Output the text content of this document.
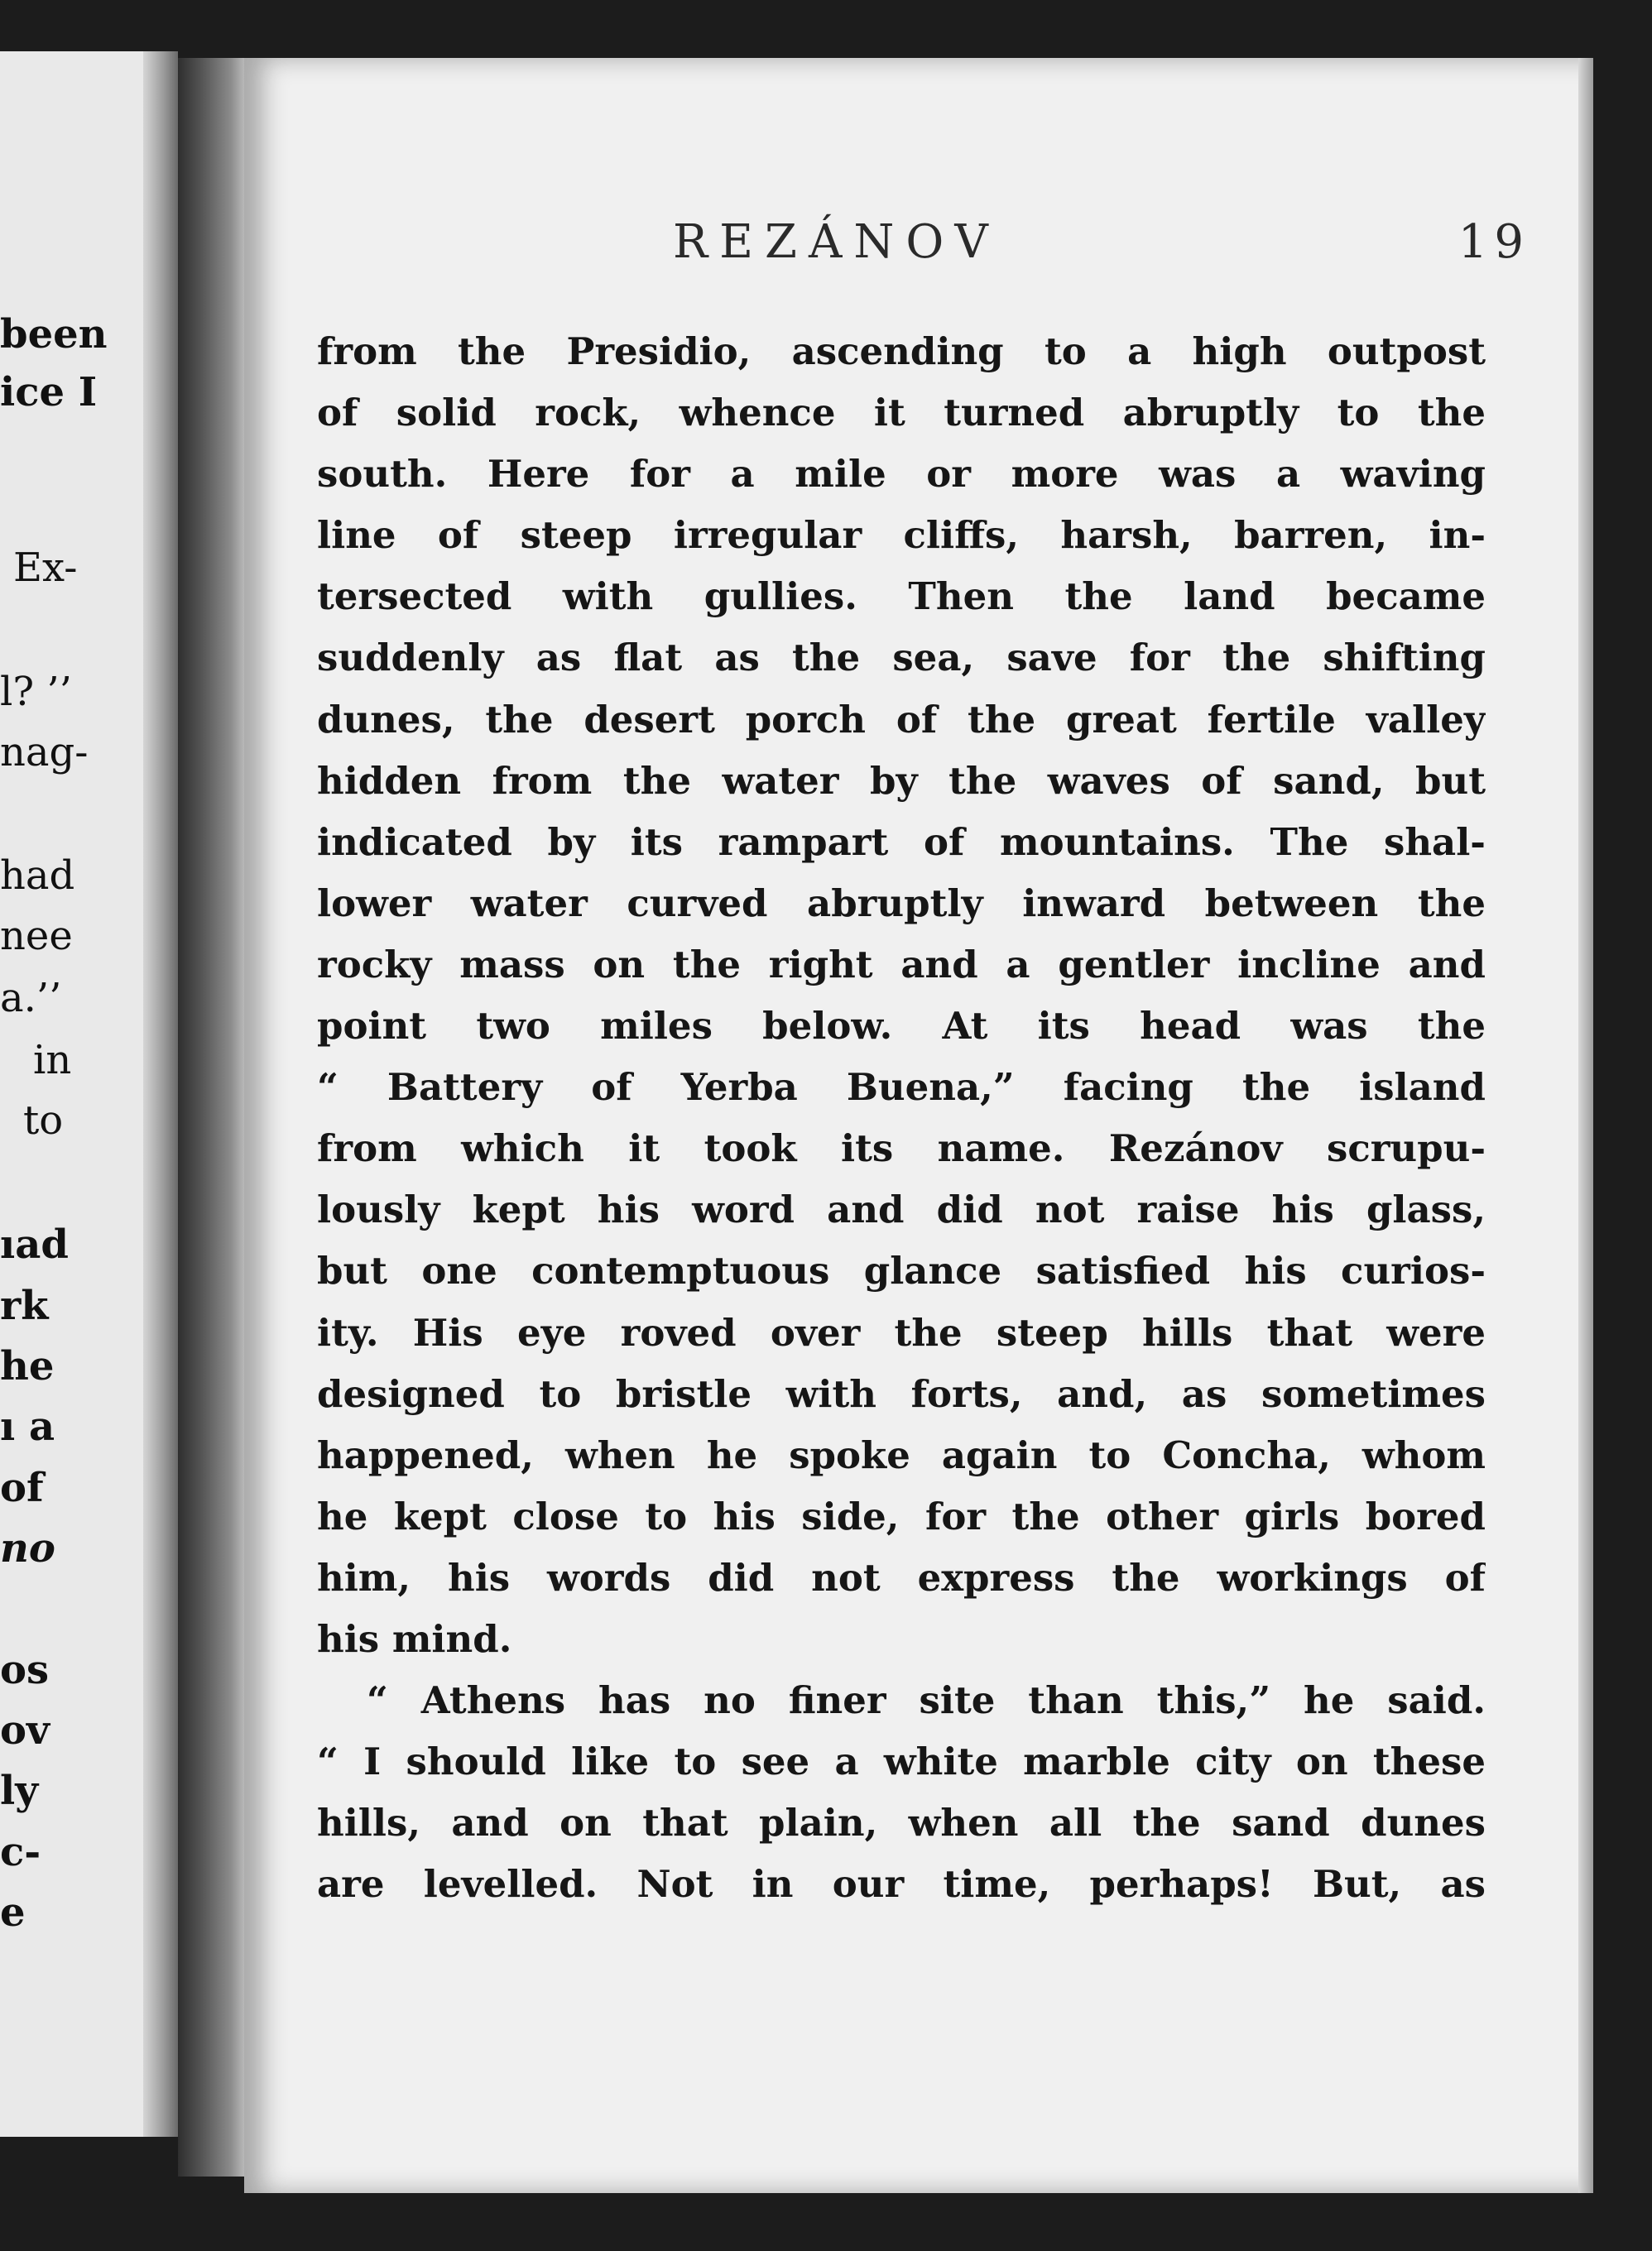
been
ice I
Ex-
l? ’’
nag-
had
nee
a.’’
in
to
ıad
rk
he
ı a
of
no
os
ov
ly
c-
e
REZÁNOV	19
from the Presidio, ascending to a high outpost
of solid rock, whence it turned abruptly to the
south. Here for a mile or more was a waving
line of steep irregular cliffs, harsh, barren, in-
tersected with gullies. Then the land became
suddenly as flat as the sea, save for the shifting
dunes, the desert porch of the great fertile valley
hidden from the water by the waves of sand, but
indicated by its rampart of mountains. The shal-
lower water curved abruptly inward between the
rocky mass on the right and a gentler incline and
point two miles below. At its head was the
“ Battery of Yerba Buena,” facing the island
from which it took its name. Rezánov scrupu-
lously kept his word and did not raise his glass,
but one contemptuous glance satisfied his curios-
ity. His eye roved over the steep hills that were
designed to bristle with forts, and, as sometimes
happened, when he spoke again to Concha, whom
he kept close to his side, for the other girls bored
him, his words did not express the workings of
his mind.
“ Athens has no finer site than this,” he said.
“ I should like to see a white marble city on these
hills, and on that plain, when all the sand dunes
are levelled. Not in our time, perhaps! But, as
